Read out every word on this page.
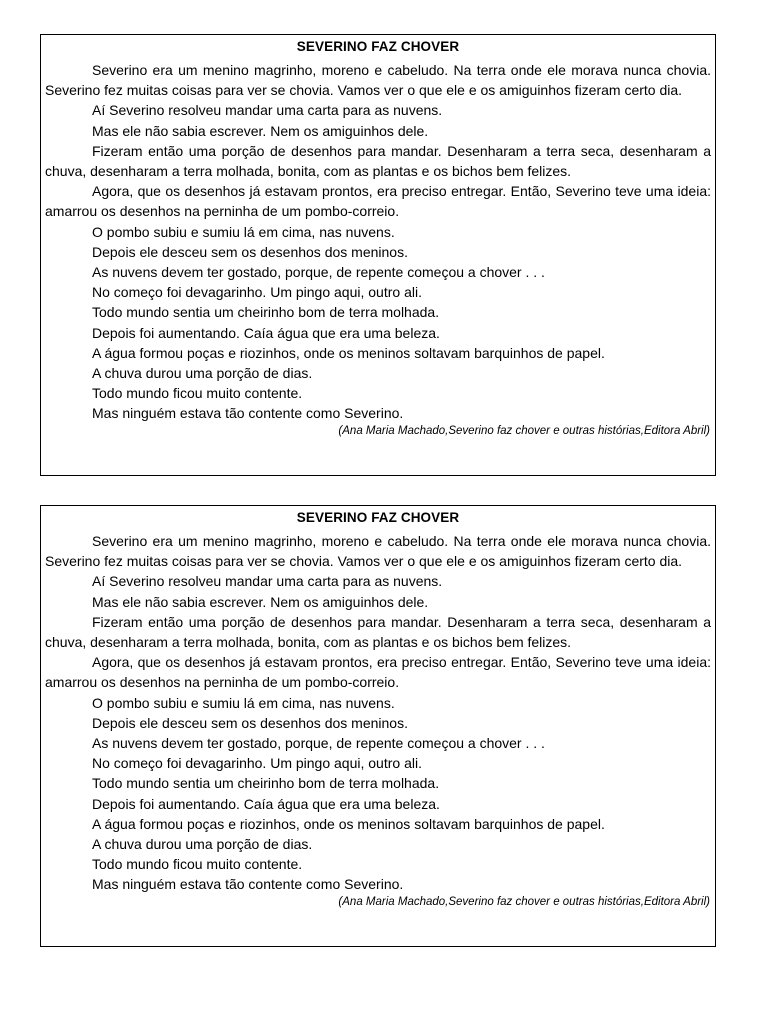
SEVERINO FAZ CHOVER

Severino era um menino magrinho, moreno e cabeludo. Na terra onde ele morava nunca chovia. Severino fez muitas coisas para ver se chovia. Vamos ver o que ele e os amiguinhos fizeram certo dia.

Aí Severino resolveu mandar uma carta para as nuvens.

Mas ele não sabia escrever. Nem os amiguinhos dele.

Fizeram então uma porção de desenhos para mandar. Desenharam a terra seca, desenharam a chuva, desenharam a terra molhada, bonita, com as plantas e os bichos bem felizes.

Agora, que os desenhos já estavam prontos, era preciso entregar. Então, Severino teve uma ideia: amarrou os desenhos na perninha de um pombo-correio.

O pombo subiu e sumiu lá em cima, nas nuvens.

Depois ele desceu sem os desenhos dos meninos.

As nuvens devem ter gostado, porque, de repente começou a chover . . .

No começo foi devagarinho. Um pingo aqui, outro ali.

Todo mundo sentia um cheirinho bom de terra molhada.

Depois foi aumentando. Caía água que era uma beleza.

A água formou poças e riozinhos, onde os meninos soltavam barquinhos de papel.

A chuva durou uma porção de dias.

Todo mundo ficou muito contente.

Mas ninguém estava tão contente como Severino.

(Ana Maria Machado,Severino faz chover e outras histórias,Editora Abril)
SEVERINO FAZ CHOVER

Severino era um menino magrinho, moreno e cabeludo. Na terra onde ele morava nunca chovia. Severino fez muitas coisas para ver se chovia. Vamos ver o que ele e os amiguinhos fizeram certo dia.

Aí Severino resolveu mandar uma carta para as nuvens.

Mas ele não sabia escrever. Nem os amiguinhos dele.

Fizeram então uma porção de desenhos para mandar. Desenharam a terra seca, desenharam a chuva, desenharam a terra molhada, bonita, com as plantas e os bichos bem felizes.

Agora, que os desenhos já estavam prontos, era preciso entregar. Então, Severino teve uma ideia: amarrou os desenhos na perninha de um pombo-correio.

O pombo subiu e sumiu lá em cima, nas nuvens.

Depois ele desceu sem os desenhos dos meninos.

As nuvens devem ter gostado, porque, de repente começou a chover . . .

No começo foi devagarinho. Um pingo aqui, outro ali.

Todo mundo sentia um cheirinho bom de terra molhada.

Depois foi aumentando. Caía água que era uma beleza.

A água formou poças e riozinhos, onde os meninos soltavam barquinhos de papel.

A chuva durou uma porção de dias.

Todo mundo ficou muito contente.

Mas ninguém estava tão contente como Severino.

(Ana Maria Machado,Severino faz chover e outras histórias,Editora Abril)
